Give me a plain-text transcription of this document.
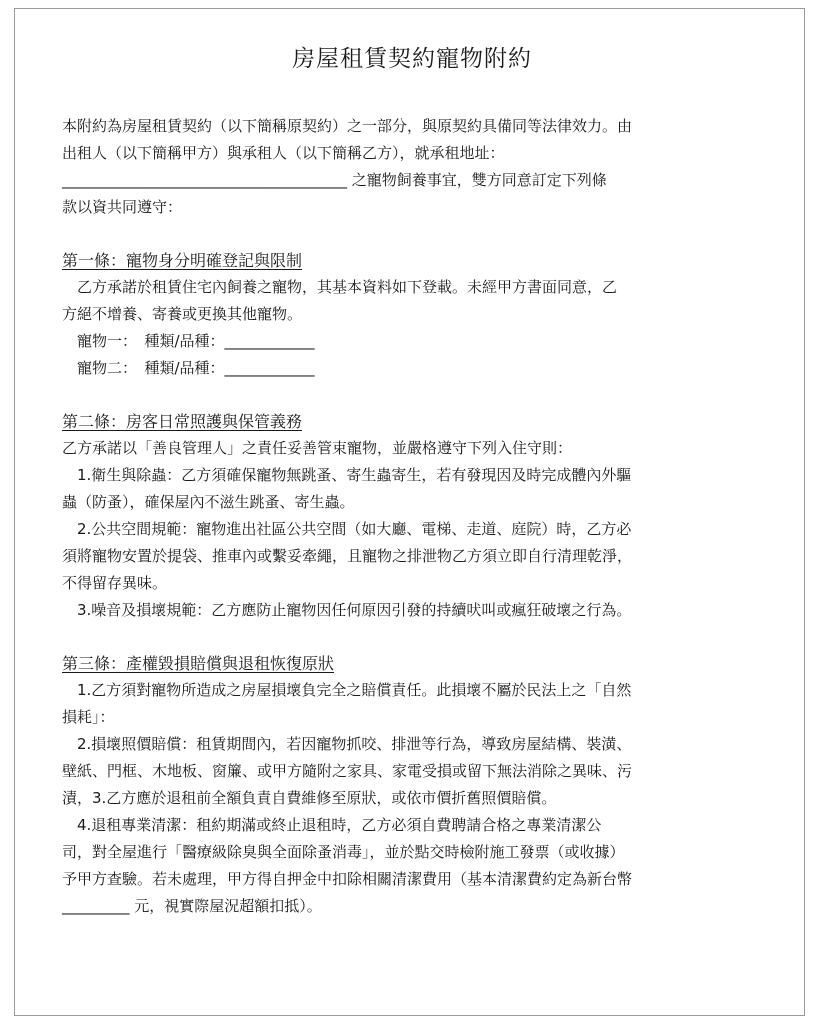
房屋租賃契約寵物附約
本附約為房屋租賃契約（以下簡稱原契約）之一部分，與原契約具備同等法律效力。由
出租人（以下簡稱甲方）與承租人（以下簡稱乙方），就承租地址：
______________________________________ 之寵物飼養事宜，雙方同意訂定下列條
款以資共同遵守：
第一條：寵物身分明確登記與限制
　乙方承諾於租賃住宅內飼養之寵物，其基本資料如下登載。未經甲方書面同意，乙
方絕不增養、寄養或更換其他寵物。
　寵物一：　種類/品種：____________
　寵物二：　種類/品種：____________
第二條：房客日常照護與保管義務
乙方承諾以「善良管理人」之責任妥善管束寵物，並嚴格遵守下列入住守則：
　1.衛生與除蟲：乙方須確保寵物無跳蚤、寄生蟲寄生，若有發現因及時完成體內外驅
蟲（防蚤），確保屋內不滋生跳蚤、寄生蟲。
　2.公共空間規範：寵物進出社區公共空間（如大廳、電梯、走道、庭院）時，乙方必
須將寵物安置於提袋、推車內或繫妥牽繩，且寵物之排泄物乙方須立即自行清理乾淨，
不得留存異味。
　3.噪音及損壞規範：乙方應防止寵物因任何原因引發的持續吠叫或瘋狂破壞之行為。
第三條：產權毀損賠償與退租恢復原狀
　1.乙方須對寵物所造成之房屋損壞負完全之賠償責任。此損壞不屬於民法上之「自然
損耗」：
　2.損壞照價賠償：租賃期間內，若因寵物抓咬、排泄等行為，導致房屋結構、裝潢、
壁紙、門框、木地板、窗簾、或甲方隨附之家具、家電受損或留下無法消除之異味、污
漬，3.乙方應於退租前全額負責自費維修至原狀，或依市價折舊照價賠償。
　4.退租專業清潔：租約期滿或終止退租時，乙方必須自費聘請合格之專業清潔公
司，對全屋進行「醫療級除臭與全面除蚤消毒」，並於點交時檢附施工發票（或收據）
予甲方查驗。若未處理，甲方得自押金中扣除相關清潔費用（基本清潔費約定為新台幣
_________ 元，視實際屋況超額扣抵）。
